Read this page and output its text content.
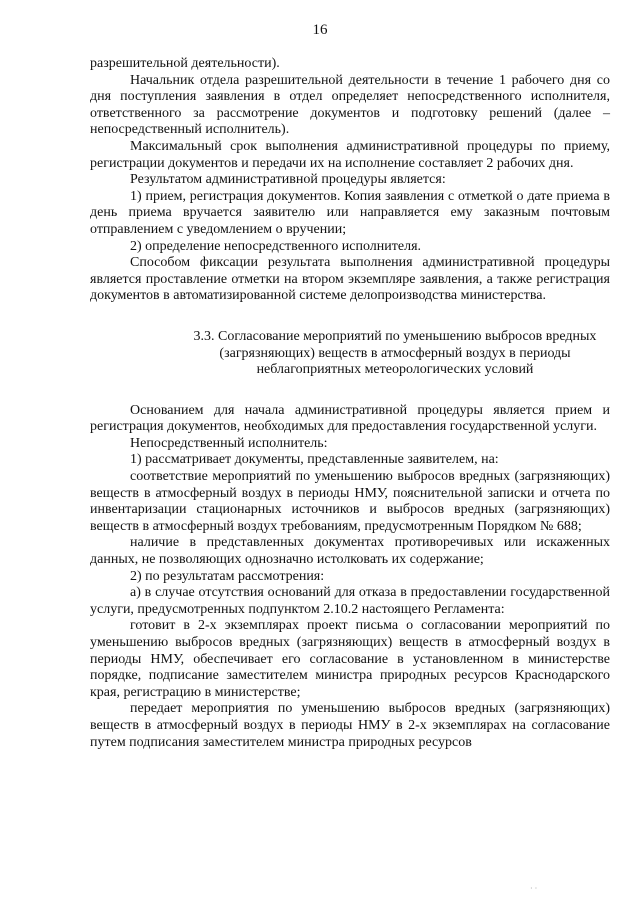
16

разрешительной деятельности).

Начальник отдела разрешительной деятельности в течение 1 рабочего дня со дня поступления заявления в отдел определяет непосредственного исполнителя, ответственного за рассмотрение документов и подготовку решений (далее – непосредственный исполнитель).

Максимальный срок выполнения административной процедуры по приему, регистрации документов и передачи их на исполнение составляет 2 рабочих дня.

Результатом административной процедуры является:

1) прием, регистрация документов. Копия заявления с отметкой о дате приема в день приема вручается заявителю или направляется ему заказным почтовым отправлением с уведомлением о вручении;

2) определение непосредственного исполнителя.

Способом фиксации результата выполнения административной процедуры является проставление отметки на втором экземпляре заявления, а также регистрация документов в автоматизированной системе делопроизводства министерства.

3.3. Согласование мероприятий по уменьшению выбросов вредных (загрязняющих) веществ в атмосферный воздух в периоды неблагоприятных метеорологических условий

Основанием для начала административной процедуры является прием и регистрация документов, необходимых для предоставления государственной услуги.

Непосредственный исполнитель:

1) рассматривает документы, представленные заявителем, на:

соответствие мероприятий по уменьшению выбросов вредных (загрязняющих) веществ в атмосферный воздух в периоды НМУ, пояснительной записки и отчета по инвентаризации стационарных источников и выбросов вредных (загрязняющих) веществ в атмосферный воздух требованиям, предусмотренным Порядком № 688;

наличие в представленных документах противоречивых или искаженных данных, не позволяющих однозначно истолковать их содержание;

2) по результатам рассмотрения:

а) в случае отсутствия оснований для отказа в предоставлении государственной услуги, предусмотренных подпунктом 2.10.2 настоящего Регламента:

готовит в 2-х экземплярах проект письма о согласовании мероприятий по уменьшению выбросов вредных (загрязняющих) веществ в атмосферный воздух в периоды НМУ, обеспечивает его согласование в установленном в министерстве порядке, подписание заместителем министра природных ресурсов Краснодарского края, регистрацию в министерстве;

передает мероприятия по уменьшению выбросов вредных (загрязняющих) веществ в атмосферный воздух в периоды НМУ в 2-х экземплярах на согласование путем подписания заместителем министра природных ресурсов

· ·
